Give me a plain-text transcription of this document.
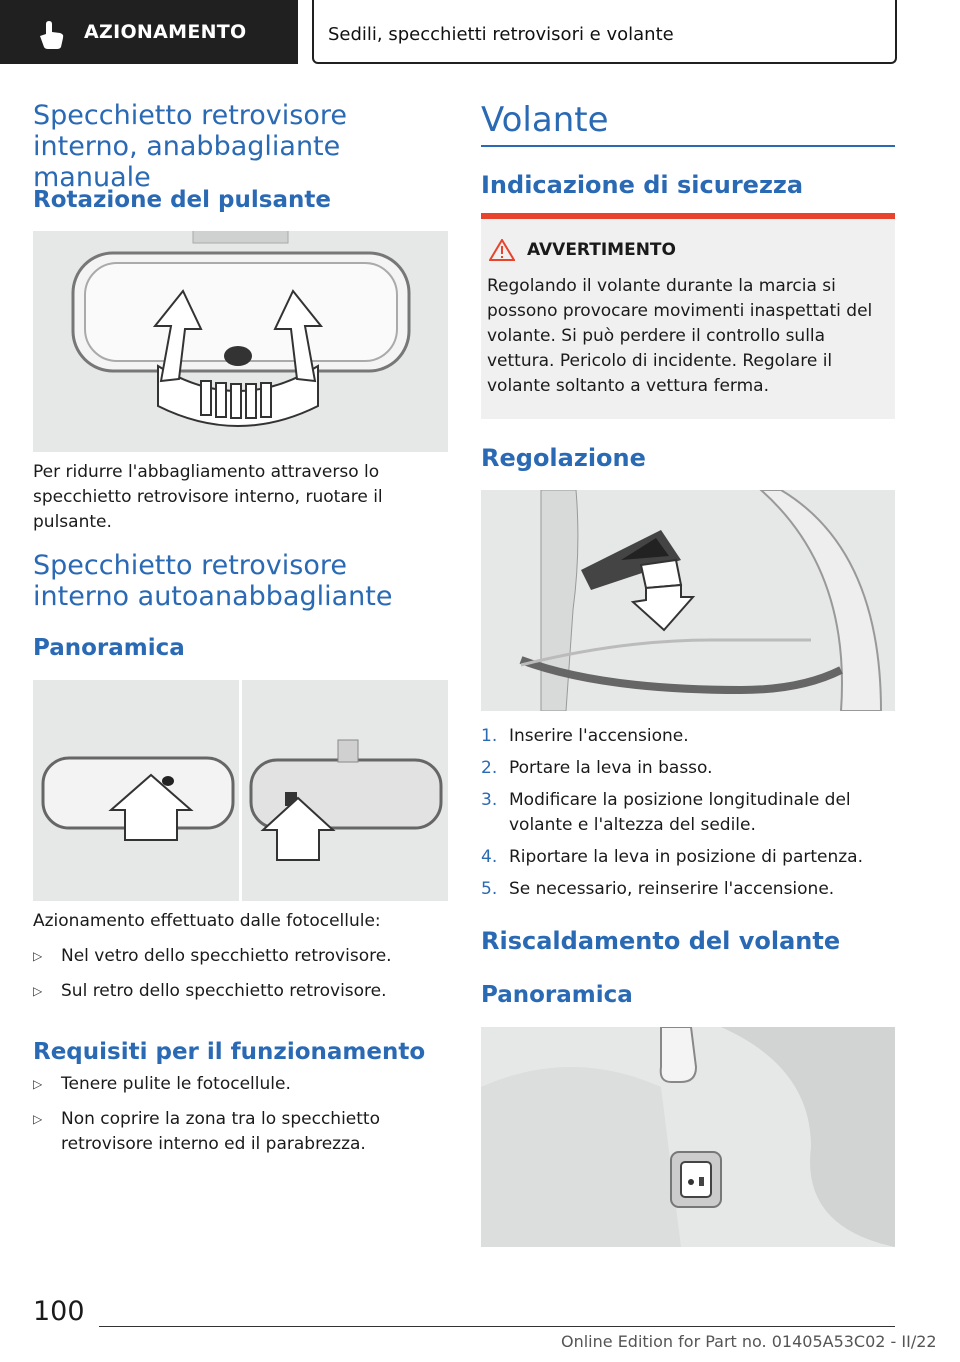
AZIONAMENTO	Sedili, specchietti retrovisori e volante
Specchietto retrovisore interno, anabbagliante manuale
Rotazione del pulsante

Per ridurre l'abbagliamento attraverso lo specchietto retrovisore interno, ruotare il pulsante.

Specchietto retrovisore interno autoanabbagliante
Panoramica

Azionamento effettuato dalle fotocellule:

▷	Nel vetro dello specchietto retrovisore.
▷	Sul retro dello specchietto retrovisore.
Requisiti per il funzionamento
▷	Tenere pulite le fotocellule.
▷	Non coprire la zona tra lo specchietto retrovisore interno ed il parabrezza.
Volante
Indicazione di sicurezza
AVVERTIMENTO

Regolando il volante durante la marcia si possono provocare movimenti inaspettati del volante. Si può perdere il controllo sulla vettura. Pericolo di incidente. Regolare il volante soltanto a vettura ferma.

Regolazione
1. Inserire l'accensione.
2. Portare la leva in basso.
3. Modificare la posizione longitudinale del volante e l'altezza del sedile.
4. Riportare la leva in posizione di partenza.
5. Se necessario, reinserire l'accensione.
Riscaldamento del volante
Panoramica
100
Online Edition for Part no. 01405A53C02 - II/22
